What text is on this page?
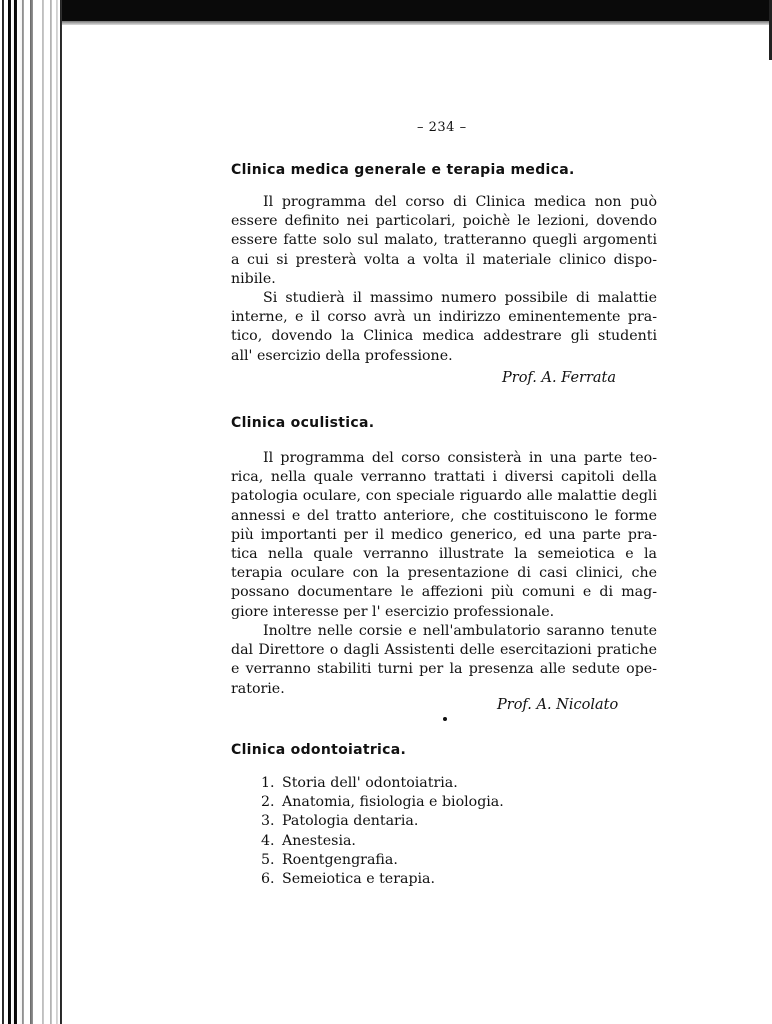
– 234 –
Clinica medica generale e terapia medica.
Il programma del corso di Clinica medica non può
essere definito nei particolari, poichè le lezioni, dovendo
essere fatte solo sul malato, tratteranno quegli argomenti
a cui si presterà volta a volta il materiale clinico dispo-
nibile.
Si studierà il massimo numero possibile di malattie
interne, e il corso avrà un indirizzo eminentemente pra-
tico, dovendo la Clinica medica addestrare gli studenti
all' esercizio della professione.
Prof. A. Ferrata
Clinica oculistica.
Il programma del corso consisterà in una parte teo-
rica, nella quale verranno trattati i diversi capitoli della
patologia oculare, con speciale riguardo alle malattie degli
annessi e del tratto anteriore, che costituiscono le forme
più importanti per il medico generico, ed una parte pra-
tica nella quale verranno illustrate la semeiotica e la
terapia oculare con la presentazione di casi clinici, che
possano documentare le affezioni più comuni e di mag-
giore interesse per l' esercizio professionale.
Inoltre nelle corsie e nell'ambulatorio saranno tenute
dal Direttore o dagli Assistenti delle esercitazioni pratiche
e verranno stabiliti turni per la presenza alle sedute ope-
ratorie.
Prof. A. Nicolato
Clinica odontoiatrica.
1. Storia dell' odontoiatria.
2. Anatomia, fisiologia e biologia.
3. Patologia dentaria.
4. Anestesia.
5. Roentgengrafia.
6. Semeiotica e terapia.
